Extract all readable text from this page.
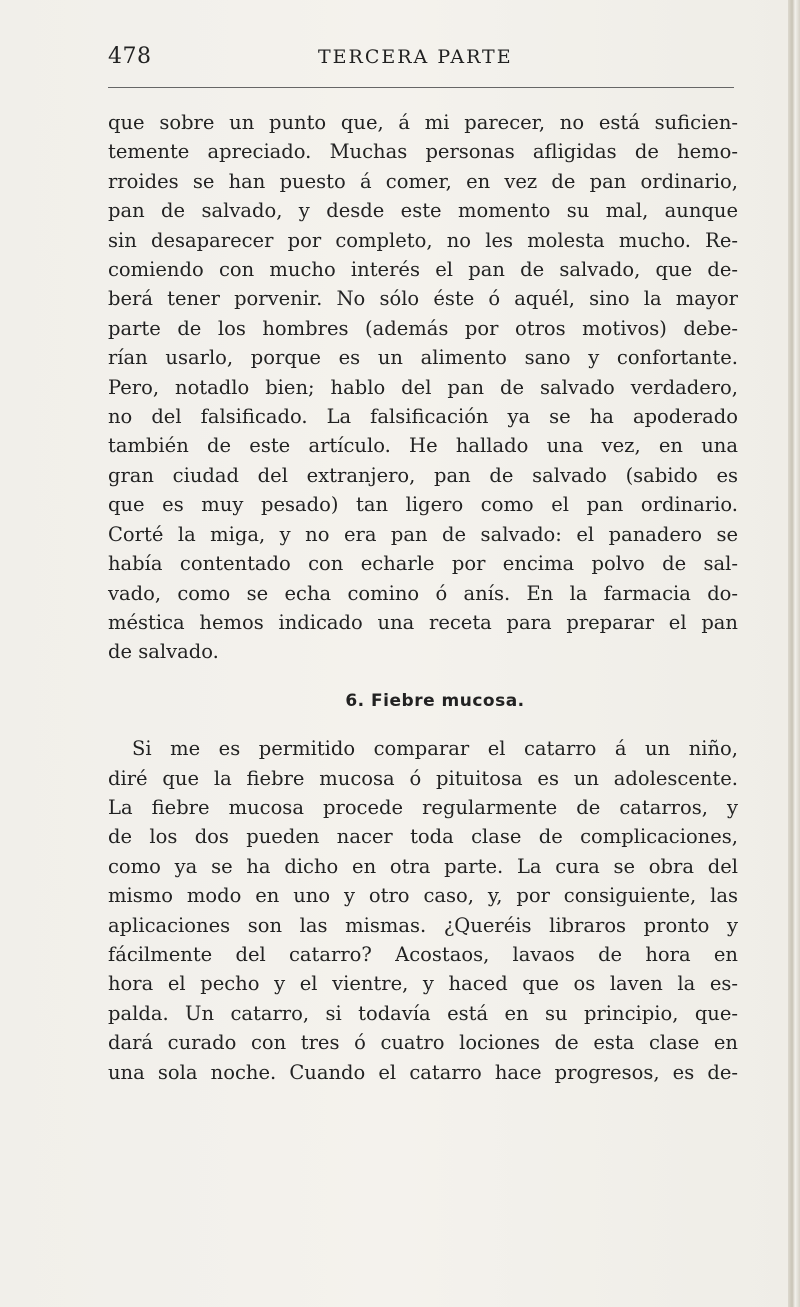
478	TERCERA PARTE
que sobre un punto que, á mi parecer, no está suficien-
temente apreciado. Muchas personas afligidas de hemo-
rroides se han puesto á comer, en vez de pan ordinario,
pan de salvado, y desde este momento su mal, aunque
sin desaparecer por completo, no les molesta mucho. Re-
comiendo con mucho interés el pan de salvado, que de-
berá tener porvenir. No sólo éste ó aquél, sino la mayor
parte de los hombres (además por otros motivos) debe-
rían usarlo, porque es un alimento sano y confortante.
Pero, notadlo bien; hablo del pan de salvado verdadero,
no del falsificado. La falsificación ya se ha apoderado
también de este artículo. He hallado una vez, en una
gran ciudad del extranjero, pan de salvado (sabido es
que es muy pesado) tan ligero como el pan ordinario.
Corté la miga, y no era pan de salvado: el panadero se
había contentado con echarle por encima polvo de sal-
vado, como se echa comino ó anís. En la farmacia do-
méstica hemos indicado una receta para preparar el pan
de salvado.
6. Fiebre mucosa.
Si me es permitido comparar el catarro á un niño,
diré que la fiebre mucosa ó pituitosa es un adolescente.
La fiebre mucosa procede regularmente de catarros, y
de los dos pueden nacer toda clase de complicaciones,
como ya se ha dicho en otra parte. La cura se obra del
mismo modo en uno y otro caso, y, por consiguiente, las
aplicaciones son las mismas. ¿Queréis libraros pronto y
fácilmente del catarro? Acostaos, lavaos de hora en
hora el pecho y el vientre, y haced que os laven la es-
palda. Un catarro, si todavía está en su principio, que-
dará curado con tres ó cuatro lociones de esta clase en
una sola noche. Cuando el catarro hace progresos, es de-
